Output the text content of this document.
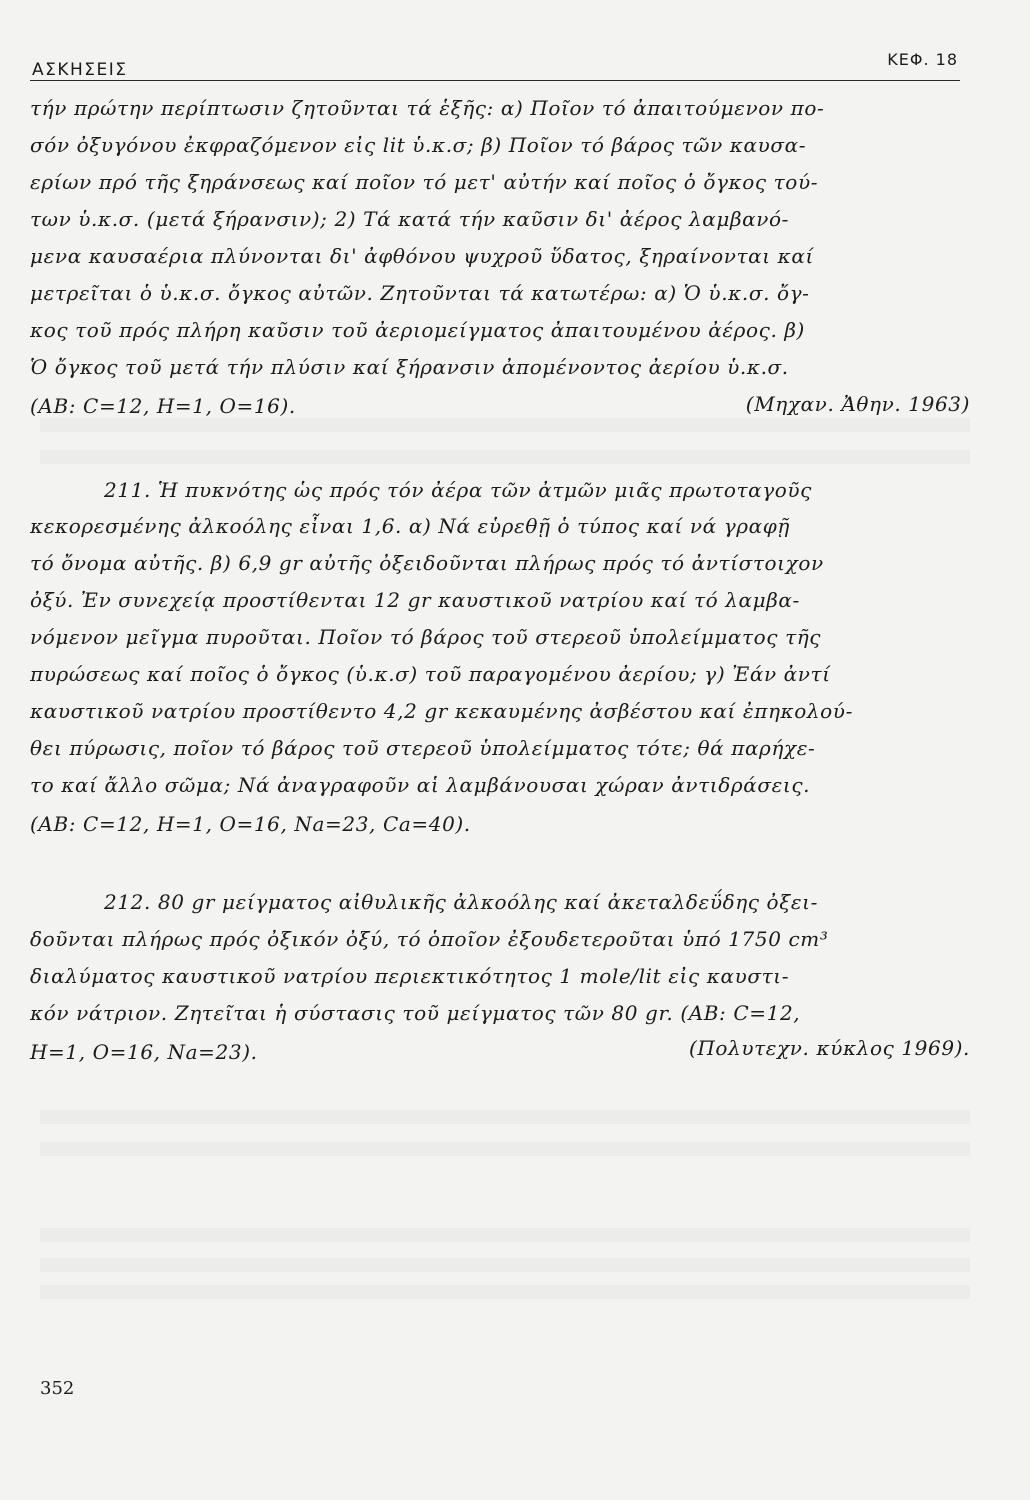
ΑΣΚΗΣΕΙΣ
ΚΕΦ. 18
τήν πρώτην περίπτωσιν ζητοῦνται τά ἑξῆς: α) Ποῖον τό ἀπαιτούμενον πο-
σόν ὀξυγόνου ἐκφραζόμενον εἰς lit ὑ.κ.σ; β) Ποῖον τό βάρος τῶν καυσα-
ερίων πρό τῆς ξηράνσεως καί ποῖον τό μετ' αὐτήν καί ποῖος ὁ ὄγκος τού-
των ὑ.κ.σ. (μετά ξήρανσιν); 2) Τά κατά τήν καῦσιν δι' ἀέρος λαμβανό-
μενα καυσαέρια πλύνονται δι' ἀφθόνου ψυχροῦ ὕδατος, ξηραίνονται καί
μετρεῖται ὁ ὑ.κ.σ. ὄγκος αὐτῶν. Ζητοῦνται τά κατωτέρω: α) Ὁ ὑ.κ.σ. ὄγ-
κος τοῦ πρός πλήρη καῦσιν τοῦ ἀεριομείγματος ἀπαιτουμένου ἀέρος. β)
Ὁ ὄγκος τοῦ μετά τήν πλύσιν καί ξήρανσιν ἀπομένοντος ἀερίου ὑ.κ.σ.
(ΑΒ: C=12, H=1, O=16).	(Μηχαν. Ἀθην. 1963)
211. Ἡ πυκνότης ὡς πρός τόν ἀέρα τῶν ἀτμῶν μιᾶς πρωτοταγοῦς
κεκορεσμένης ἀλκοόλης εἶναι 1,6. α) Νά εὑρεθῇ ὁ τύπος καί νά γραφῇ
τό ὄνομα αὐτῆς. β) 6,9 gr αὐτῆς ὀξειδοῦνται πλήρως πρός τό ἀντίστοιχον
ὀξύ. Ἐν συνεχείᾳ προστίθενται 12 gr καυστικοῦ νατρίου καί τό λαμβα-
νόμενον μεῖγμα πυροῦται. Ποῖον τό βάρος τοῦ στερεοῦ ὑπολείμματος τῆς
πυρώσεως καί ποῖος ὁ ὄγκος (ὑ.κ.σ) τοῦ παραγομένου ἀερίου; γ) Ἐάν ἀντί
καυστικοῦ νατρίου προστίθεντο 4,2 gr κεκαυμένης ἀσβέστου καί ἐπηκολού-
θει πύρωσις, ποῖον τό βάρος τοῦ στερεοῦ ὑπολείμματος τότε; θά παρήχε-
το καί ἄλλο σῶμα; Νά ἀναγραφοῦν αἱ λαμβάνουσαι χώραν ἀντιδράσεις.
(ΑΒ: C=12, H=1, O=16, Na=23, Ca=40).
212. 80 gr μείγματος αἰθυλικῆς ἀλκοόλης καί ἀκεταλδεΰδης ὀξει-
δοῦνται πλήρως πρός ὀξικόν ὀξύ, τό ὁποῖον ἐξουδετεροῦται ὑπό 1750 cm³
διαλύματος καυστικοῦ νατρίου περιεκτικότητος 1 mole/lit εἰς καυστι-
κόν νάτριον. Ζητεῖται ἡ σύστασις τοῦ μείγματος τῶν 80 gr. (ΑΒ: C=12,
H=1, O=16, Na=23).	(Πολυτεχν. κύκλος 1969).
352
